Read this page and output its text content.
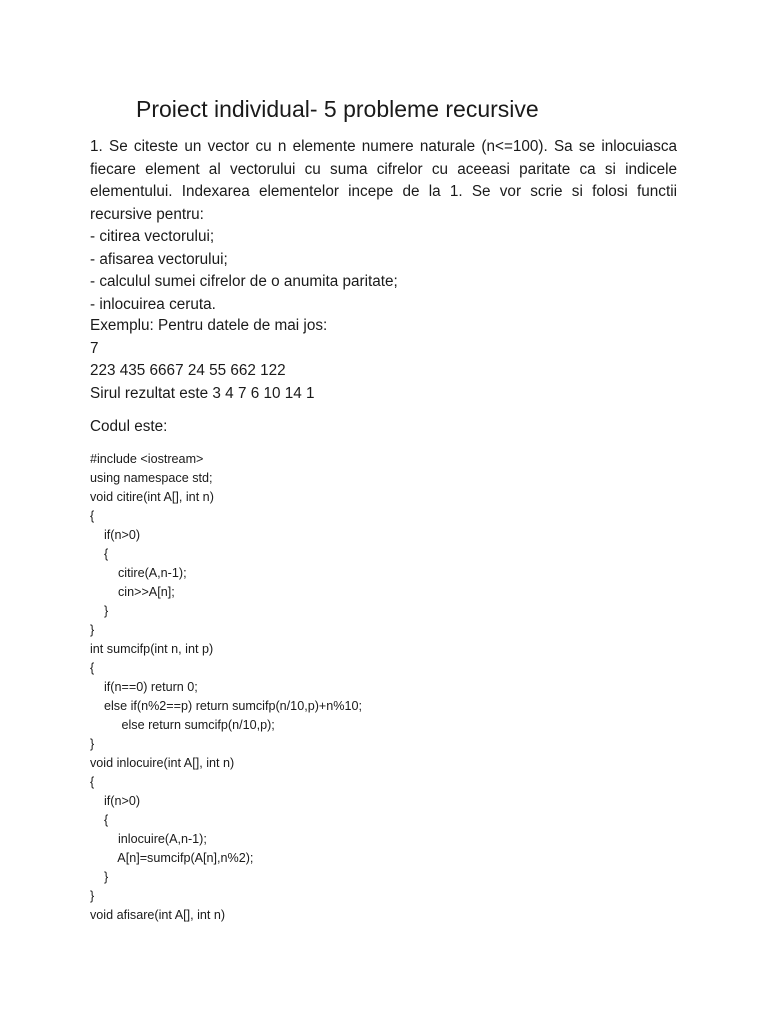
Proiect individual- 5 probleme recursive

1. Se citeste un vector cu n elemente numere naturale (n<=100). Sa se inlocuiasca fiecare element al vectorului cu suma cifrelor cu aceeasi paritate ca si indicele elementului. Indexarea elementelor incepe de la 1. Se vor scrie si folosi functii recursive pentru:

- citirea vectorului;
- afisarea vectorului;
- calculul sumei cifrelor de o anumita paritate;
- inlocuirea ceruta.
Exemplu: Pentru datele de mai jos:
7
223 435 6667 24 55 662 122
Sirul rezultat este 3 4 7 6 10 14 1

Codul este:

#include <iostream>
using namespace std;
void citire(int A[], int n)
{
if(n>0)
{
citire(A,n-1);
cin>>A[n];
}
}
int sumcifp(int n, int p)
{
if(n==0) return 0;
else if(n%2==p) return sumcifp(n/10,p)+n%10;
else return sumcifp(n/10,p);
}
void inlocuire(int A[], int n)
{
if(n>0)
{
inlocuire(A,n-1);
A[n]=sumcifp(A[n],n%2);
}
}
void afisare(int A[], int n)
